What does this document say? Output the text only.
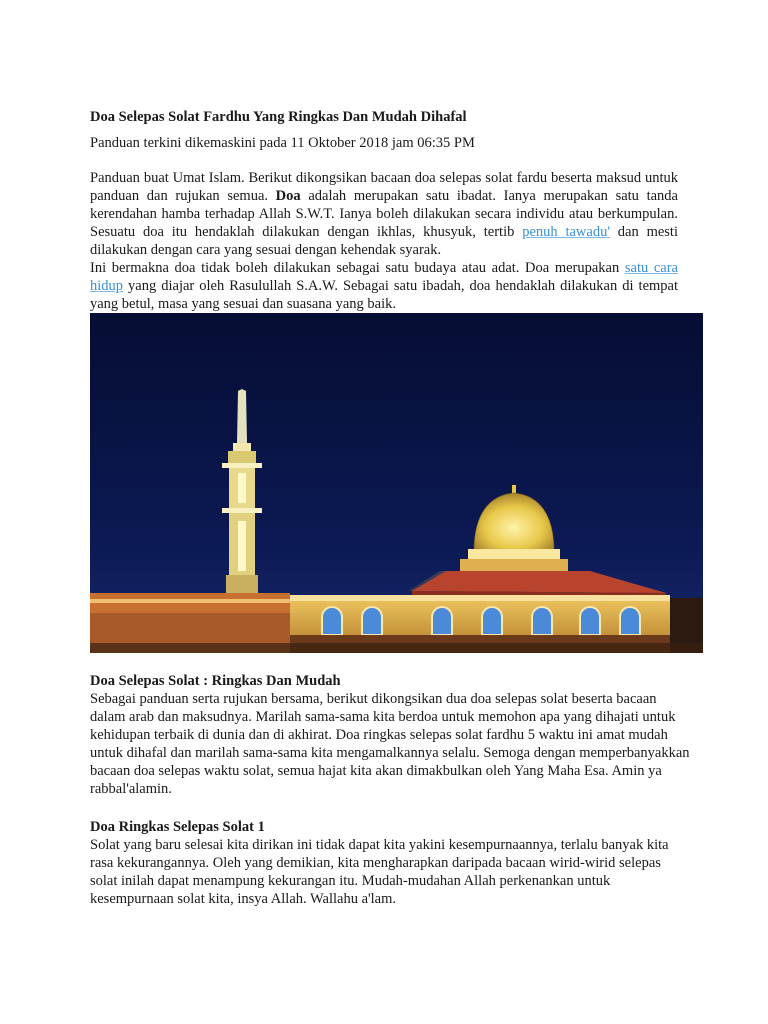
Doa Selepas Solat Fardhu Yang Ringkas Dan Mudah Dihafal
Panduan terkini dikemaskini pada 11 Oktober 2018 jam 06:35 PM

Panduan buat Umat Islam. Berikut dikongsikan bacaan doa selepas solat fardu beserta maksud untuk panduan dan rujukan semua. Doa adalah merupakan satu ibadat. Ianya merupakan satu tanda kerendahan hamba terhadap Allah S.W.T. Ianya boleh dilakukan secara individu atau berkumpulan. Sesuatu doa itu hendaklah dilakukan dengan ikhlas, khusyuk, tertib penuh tawadu' dan mesti dilakukan dengan cara yang sesuai dengan kehendak syarak.

Ini bermakna doa tidak boleh dilakukan sebagai satu budaya atau adat. Doa merupakan satu cara hidup yang diajar oleh Rasulullah S.A.W. Sebagai satu ibadah, doa hendaklah dilakukan di tempat yang betul, masa yang sesuai dan suasana yang baik.

Doa Selepas Solat : Ringkas Dan Mudah

Sebagai panduan serta rujukan bersama, berikut dikongsikan dua doa selepas solat beserta bacaan dalam arab dan maksudnya. Marilah sama-sama kita berdoa untuk memohon apa yang dihajati untuk kehidupan terbaik di dunia dan di akhirat. Doa ringkas selepas solat fardhu 5 waktu ini amat mudah untuk dihafal dan marilah sama-sama kita mengamalkannya selalu. Semoga dengan memperbanyakkan bacaan doa selepas waktu solat, semua hajat kita akan dimakbulkan oleh Yang Maha Esa. Amin ya rabbal'alamin.

Doa Ringkas Selepas Solat 1

Solat yang baru selesai kita dirikan ini tidak dapat kita yakini kesempurnaannya, terlalu banyak kita rasa kekurangannya. Oleh yang demikian, kita mengharapkan daripada bacaan wirid-wirid selepas solat inilah dapat menampung kekurangan itu. Mudah-mudahan Allah perkenankan untuk kesempurnaan solat kita, insya Allah. Wallahu a'lam.
